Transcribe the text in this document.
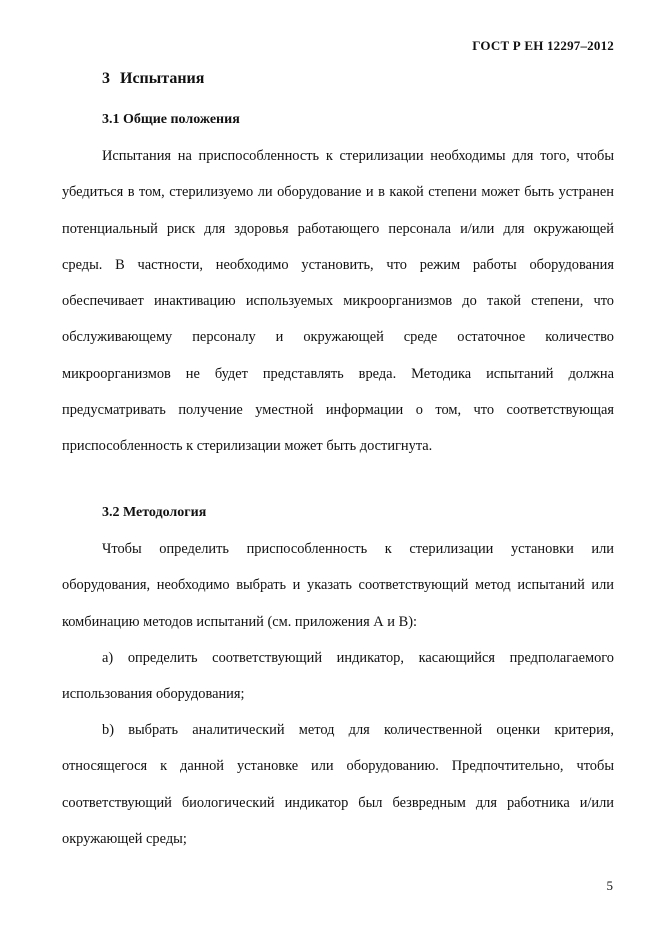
ГОСТ Р ЕН 12297–2012
3 Испытания
3.1 Общие положения

Испытания на приспособленность к стерилизации необходимы для того, чтобы убедиться в том, стерилизуемо ли оборудование и в какой степени может быть устранен потенциальный риск для здоровья работающего персонала и/или для окружающей среды. В частности, необходимо установить, что режим работы оборудования обеспечивает инактивацию используемых микроорганизмов до такой степени, что обслуживающему персоналу и окружающей среде остаточное количество микроорганизмов не будет представлять вреда. Методика испытаний должна предусматривать получение уместной информации о том, что соответствующая приспособленность к стерилизации может быть достигнута.

3.2 Методология

Чтобы определить приспособленность к стерилизации установки или оборудования, необходимо выбрать и указать соответствующий метод испытаний или комбинацию методов испытаний (см. приложения А и В):

а) определить соответствующий индикатор, касающийся предполагаемого использования оборудования;

b) выбрать аналитический метод для количественной оценки критерия, относящегося к данной установке или оборудованию. Предпочтительно, чтобы соответствующий биологический индикатор был безвредным для работника и/или окружающей среды;

5
